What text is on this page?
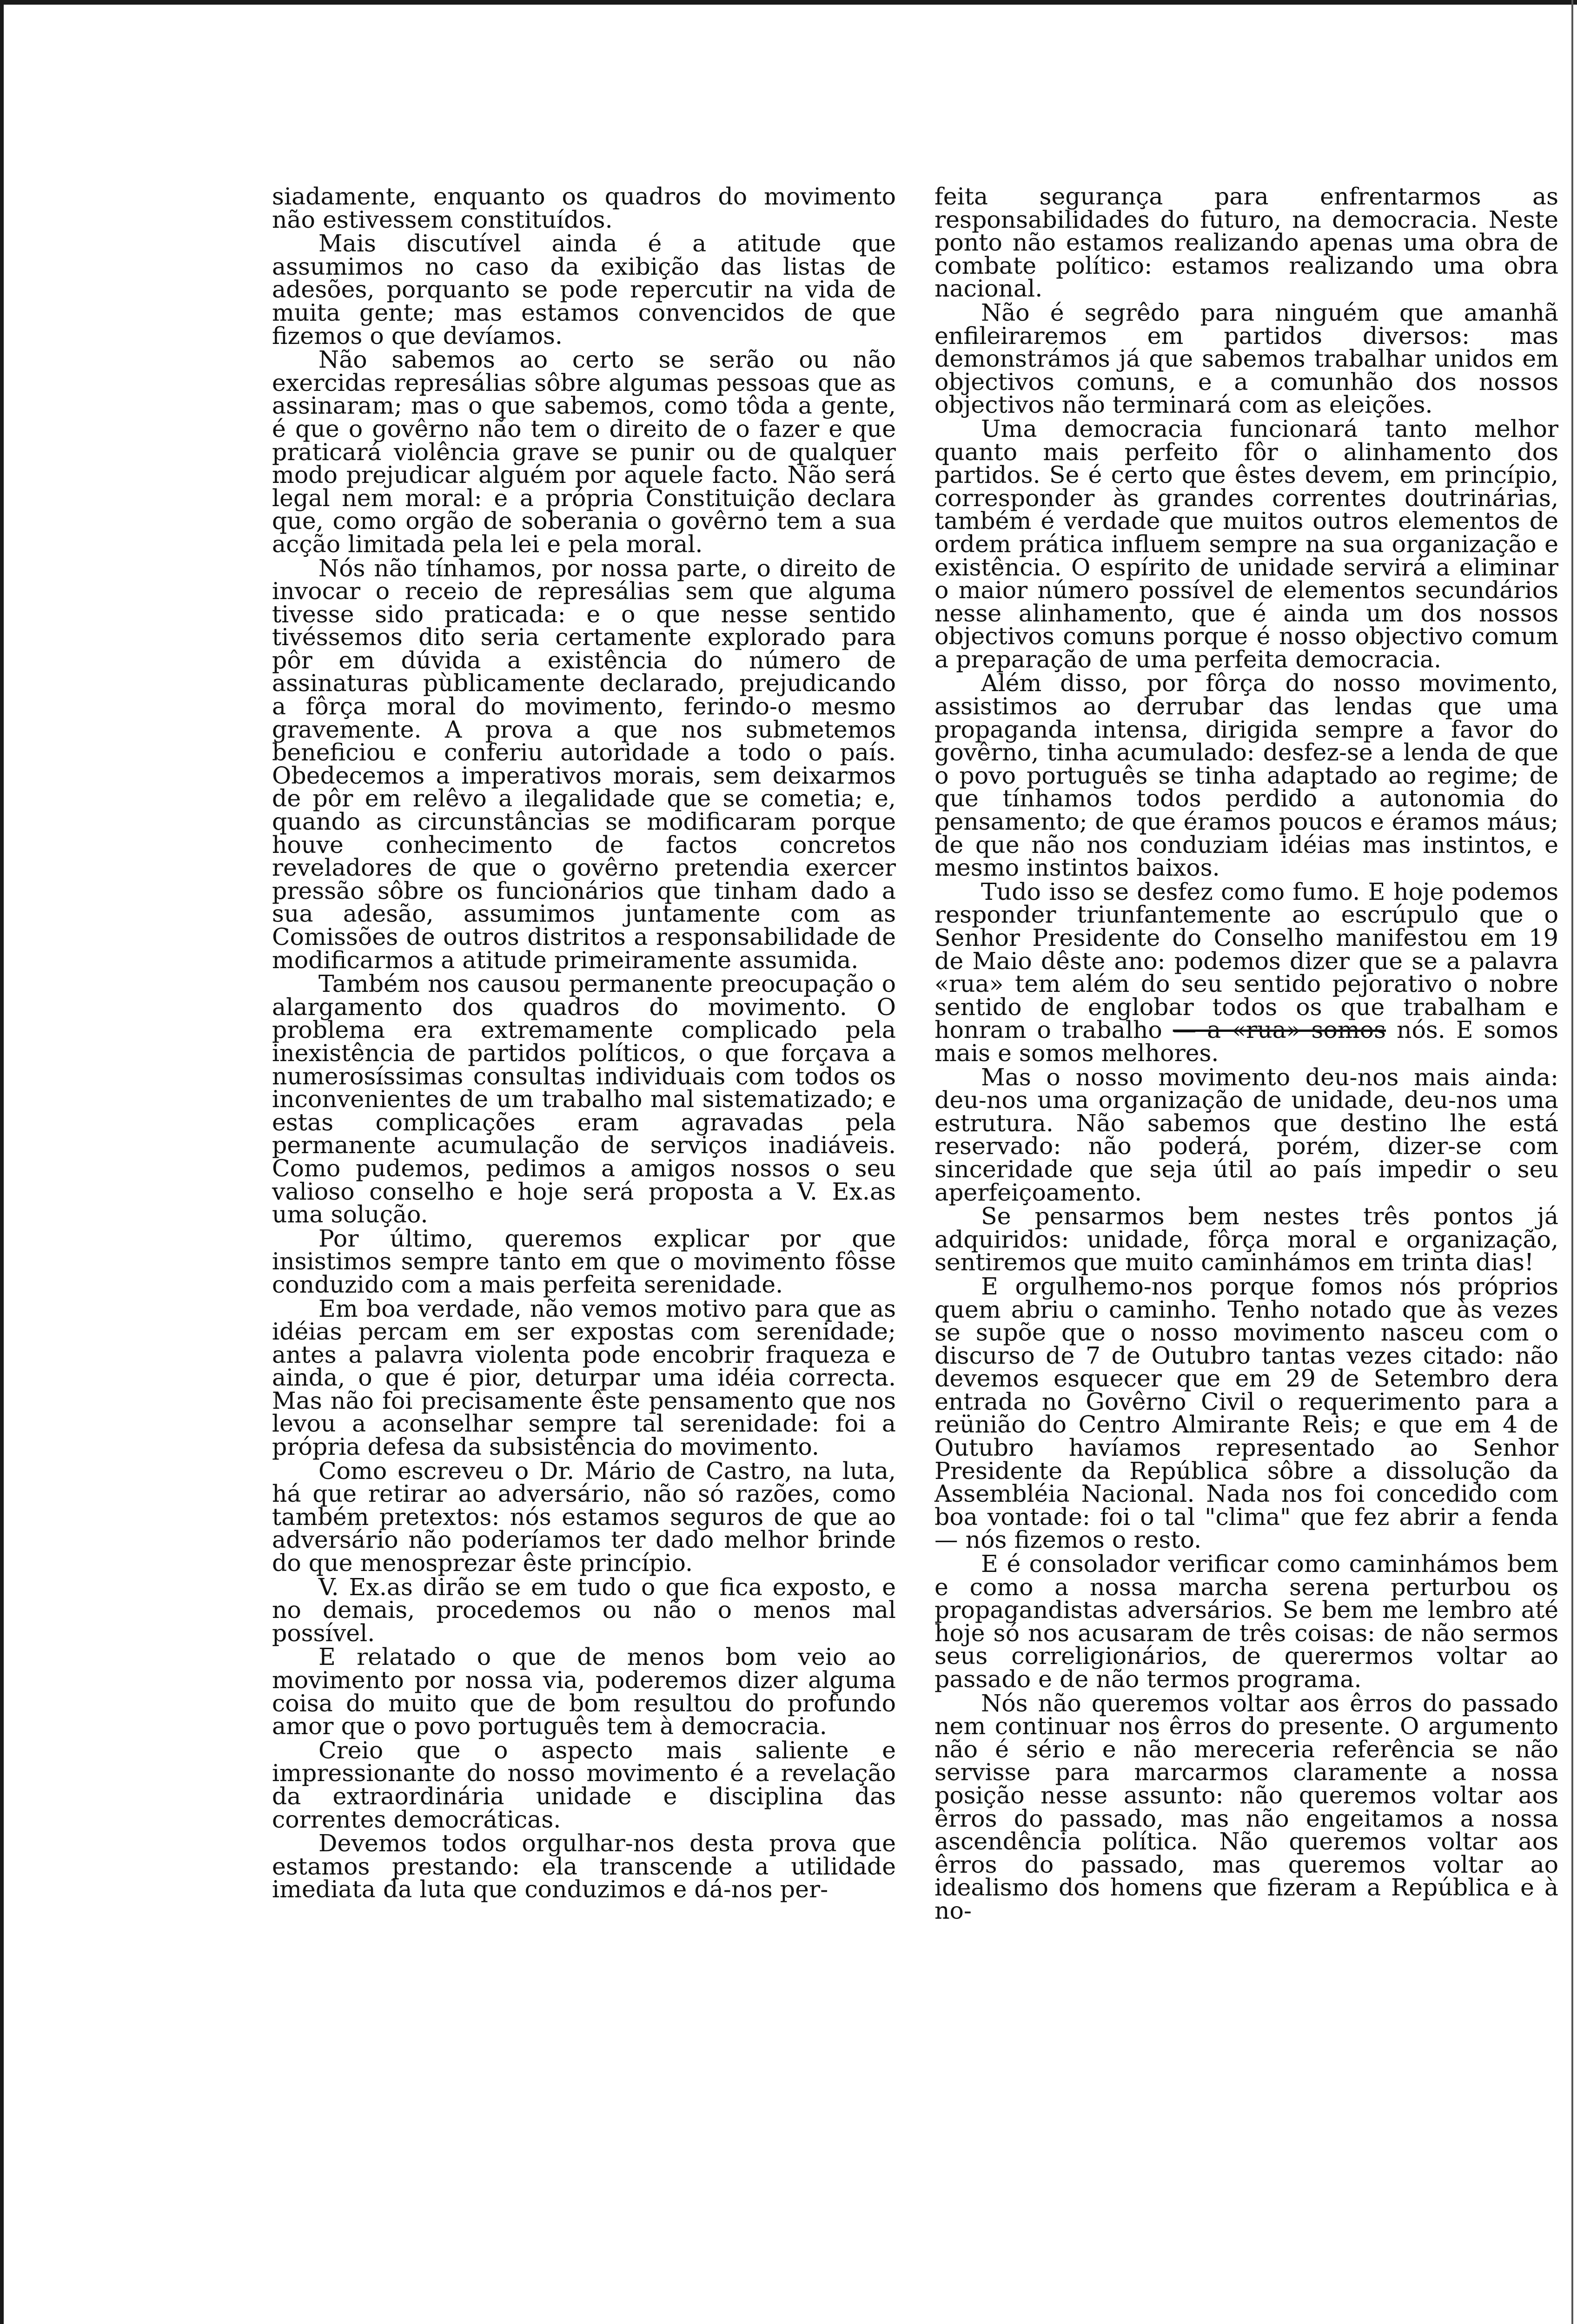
siadamente, enquanto os quadros do movimento não estivessem constituídos.

Mais discutível ainda é a atitude que assumimos no caso da exibição das listas de adesões, porquanto se pode repercutir na vida de muita gente; mas estamos convencidos de que fizemos o que devíamos.

Não sabemos ao certo se serão ou não exercidas represálias sôbre algumas pessoas que as assinaram; mas o que sabemos, como tôda a gente, é que o govêrno não tem o direito de o fazer e que praticará violência grave se punir ou de qualquer modo prejudicar alguém por aquele facto. Não será legal nem moral: e a própria Constituição declara que, como orgão de soberania o govêrno tem a sua acção limitada pela lei e pela moral.

Nós não tínhamos, por nossa parte, o direito de invocar o receio de represálias sem que alguma tivesse sido praticada: e o que nesse sentido tivéssemos dito seria certamente explorado para pôr em dúvida a existência do número de assinaturas pùblicamente declarado, prejudicando a fôrça moral do movimento, ferindo-o mesmo gravemente. A prova a que nos submetemos beneficiou e conferiu autoridade a todo o país. Obedecemos a imperativos morais, sem deixarmos de pôr em relêvo a ilegalidade que se cometia; e, quando as circunstâncias se modificaram porque houve conhecimento de factos concretos reveladores de que o govêrno pretendia exercer pressão sôbre os funcionários que tinham dado a sua adesão, assumimos juntamente com as Comissões de outros distritos a responsabilidade de modificarmos a atitude primeiramente assumida.

Também nos causou permanente preocupação o alargamento dos quadros do movimento. O problema era extremamente complicado pela inexistência de partidos políticos, o que forçava a numerosíssimas consultas individuais com todos os inconvenientes de um trabalho mal sistematizado; e estas complicações eram agravadas pela permanente acumulação de serviços inadiáveis. Como pudemos, pedimos a amigos nossos o seu valioso conselho e hoje será proposta a V. Ex.as uma solução.

Por último, queremos explicar por que insistimos sempre tanto em que o movimento fôsse conduzido com a mais perfeita serenidade.

Em boa verdade, não vemos motivo para que as idéias percam em ser expostas com serenidade; antes a palavra violenta pode encobrir fraqueza e ainda, o que é pior, deturpar uma idéia correcta. Mas não foi precisamente êste pensamento que nos levou a aconselhar sempre tal serenidade: foi a própria defesa da subsistência do movimento.

Como escreveu o Dr. Mário de Castro, na luta, há que retirar ao adversário, não só razões, como também pretextos: nós estamos seguros de que ao adversário não poderíamos ter dado melhor brinde do que menosprezar êste princípio.

V. Ex.as dirão se em tudo o que fica exposto, e no demais, procedemos ou não o menos mal possível.

E relatado o que de menos bom veio ao movimento por nossa via, poderemos dizer alguma coisa do muito que de bom resultou do profundo amor que o povo português tem à democracia.

Creio que o aspecto mais saliente e impressionante do nosso movimento é a revelação da extraordinária unidade e disciplina das correntes democráticas.

Devemos todos orgulhar-nos desta prova que estamos prestando: ela transcende a utilidade imediata da luta que conduzimos e dá-nos per-

feita segurança para enfrentarmos as responsabilidades do futuro, na democracia. Neste ponto não estamos realizando apenas uma obra de combate político: estamos realizando uma obra nacional.

Não é segrêdo para ninguém que amanhã enfileiraremos em partidos diversos: mas demonstrámos já que sabemos trabalhar unidos em objectivos comuns, e a comunhão dos nossos objectivos não terminará com as eleições.

Uma democracia funcionará tanto melhor quanto mais perfeito fôr o alinhamento dos partidos. Se é certo que êstes devem, em princípio, corresponder às grandes correntes doutrinárias, também é verdade que muitos outros elementos de ordem prática influem sempre na sua organização e existência. O espírito de unidade servirá a eliminar o maior número possível de elementos secundários nesse alinhamento, que é ainda um dos nossos objectivos comuns porque é nosso objectivo comum a preparação de uma perfeita democracia.

Além disso, por fôrça do nosso movimento, assistimos ao derrubar das lendas que uma propaganda intensa, dirigida sempre a favor do govêrno, tinha acumulado: desfez-se a lenda de que o povo português se tinha adaptado ao regime; de que tínhamos todos perdido a autonomia do pensamento; de que éramos poucos e éramos máus; de que não nos conduziam idéias mas instintos, e mesmo instintos baixos.

Tudo isso se desfez como fumo. E hoje podemos responder triunfantemente ao escrúpulo que o Senhor Presidente do Conselho manifestou em 19 de Maio dêste ano: podemos dizer que se a palavra «rua» tem além do seu sentido pejorativo o nobre sentido de englobar todos os que trabalham e honram o trabalho — a «rua» somos nós. E somos mais e somos melhores.

Mas o nosso movimento deu-nos mais ainda: deu-nos uma organização de unidade, deu-nos uma estrutura. Não sabemos que destino lhe está reservado: não poderá, porém, dizer-se com sinceridade que seja útil ao país impedir o seu aperfeiçoamento.

Se pensarmos bem nestes três pontos já adquiridos: unidade, fôrça moral e organização, sentiremos que muito caminhámos em trinta dias!

E orgulhemo-nos porque fomos nós próprios quem abriu o caminho. Tenho notado que às vezes se supõe que o nosso movimento nasceu com o discurso de 7 de Outubro tantas vezes citado: não devemos esquecer que em 29 de Setembro dera entrada no Govêrno Civil o requerimento para a reünião do Centro Almirante Reis; e que em 4 de Outubro havíamos representado ao Senhor Presidente da República sôbre a dissolução da Assembléia Nacional. Nada nos foi concedido com boa vontade: foi o tal "clima" que fez abrir a fenda — nós fizemos o resto.

E é consolador verificar como caminhámos bem e como a nossa marcha serena perturbou os propagandistas adversários. Se bem me lembro até hoje só nos acusaram de três coisas: de não sermos seus correligionários, de querermos voltar ao passado e de não termos programa.

Nós não queremos voltar aos êrros do passado nem continuar nos êrros do presente. O argumento não é sério e não mereceria referência se não servisse para marcarmos claramente a nossa posição nesse assunto: não queremos voltar aos êrros do passado, mas não engeitamos a nossa ascendência política. Não queremos voltar aos êrros do passado, mas queremos voltar ao idealismo dos homens que fizeram a República e à no-
